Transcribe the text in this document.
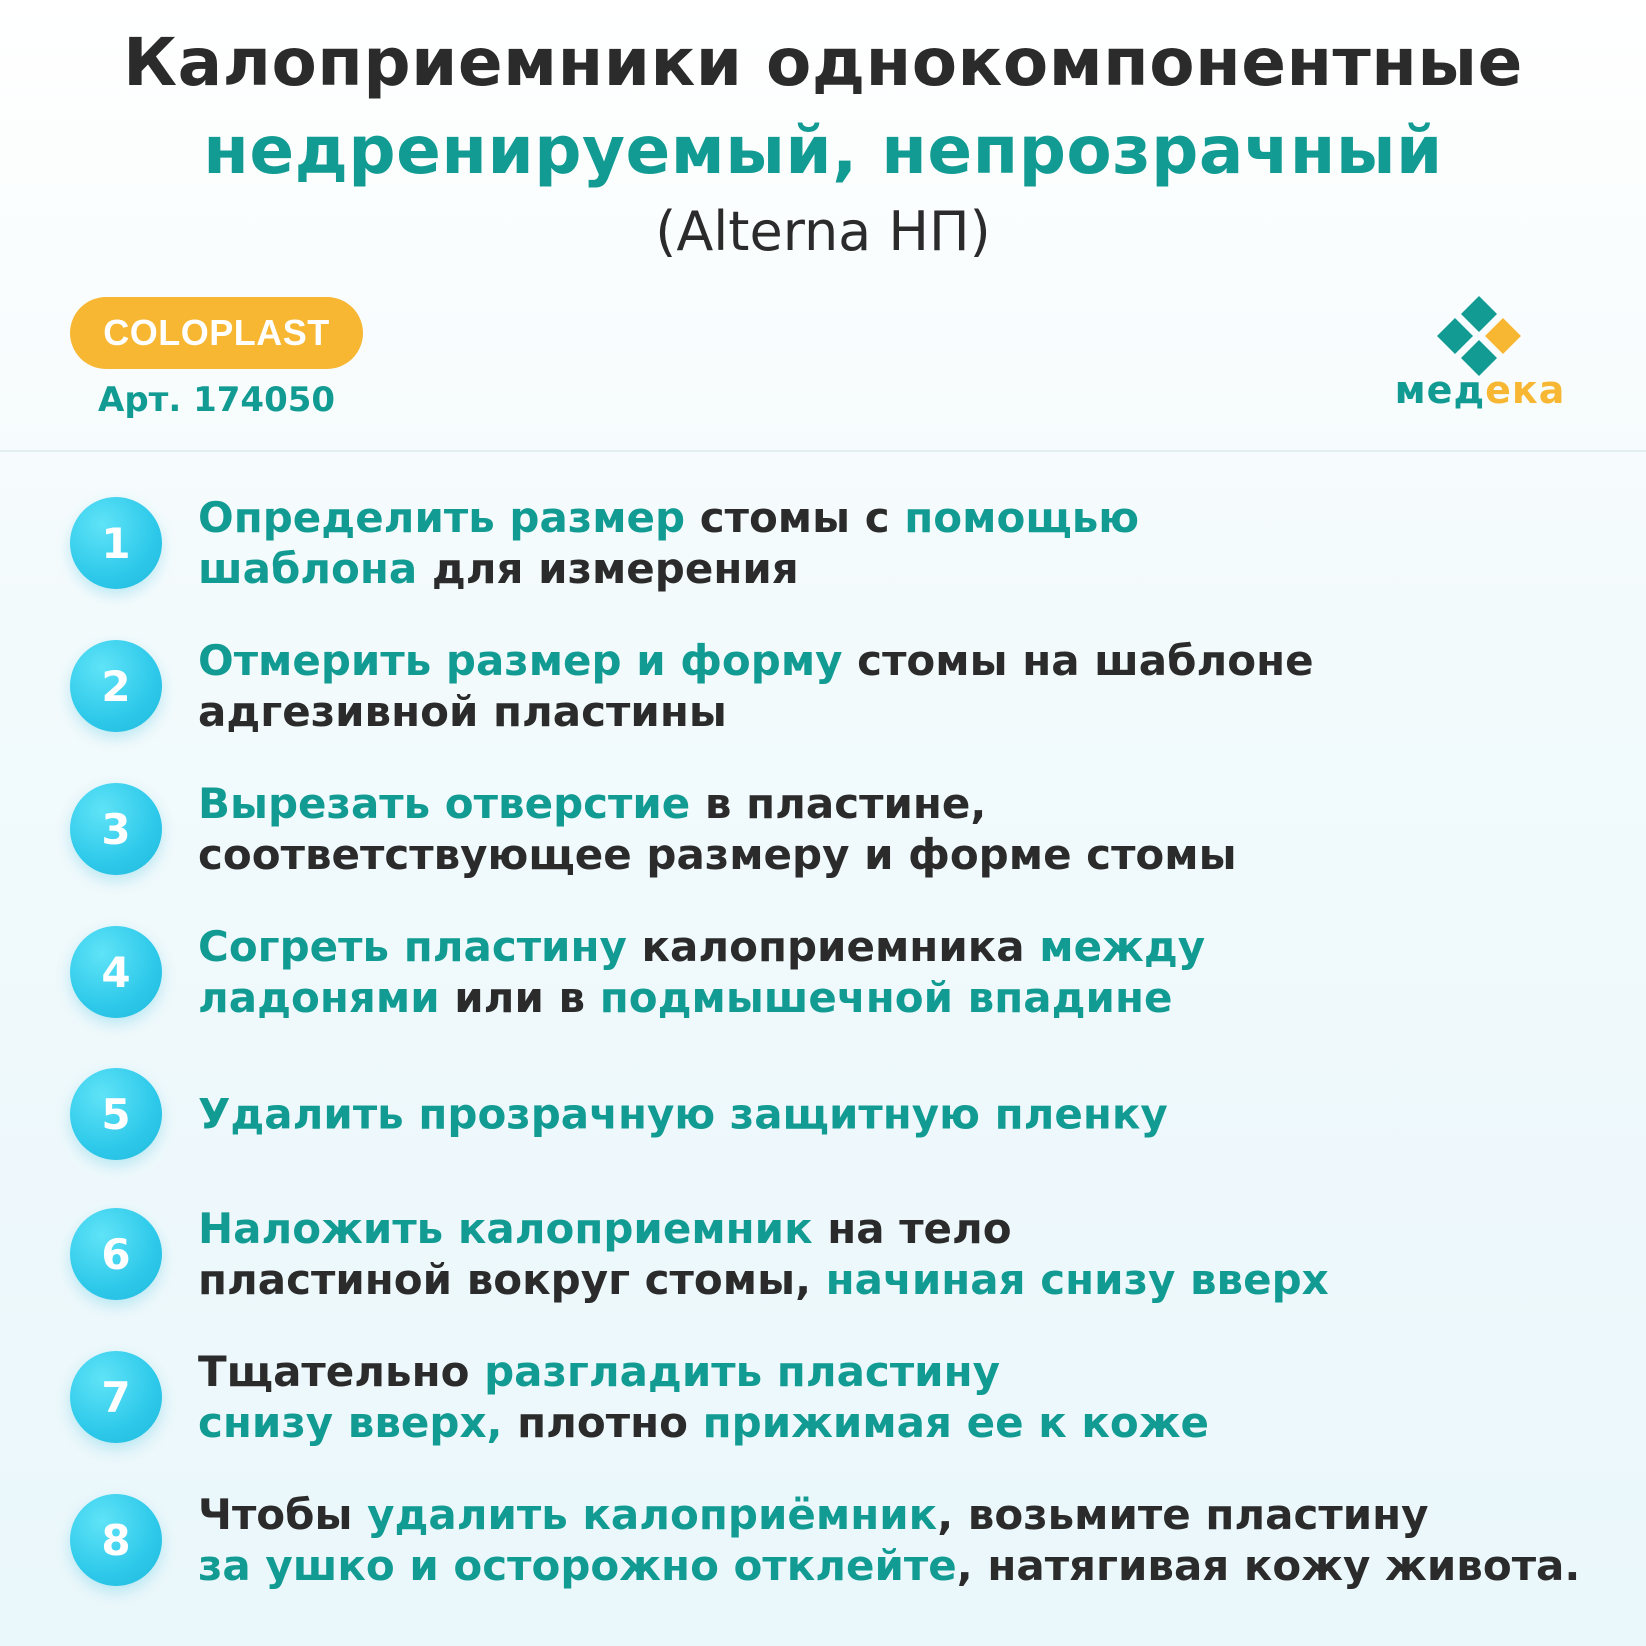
Калоприемники однокомпонентные
недренируемый, непрозрачный
(Alterna НП)
COLOPLAST
Арт. 174050	медека
1
Определить размер стомы с помощью
шаблона для измерения
2
Отмерить размер и форму стомы на шаблоне
адгезивной пластины
3
Вырезать отверстие в пластине,
соответствующее размеру и форме стомы
4
Согреть пластину калоприемника между
ладонями или в подмышечной впадине
5	Удалить прозрачную защитную пленку
6
Наложить калоприемник на тело
пластиной вокруг стомы, начиная снизу вверх
7
Тщательно разгладить пластину
снизу вверх, плотно прижимая ее к коже
8
Чтобы удалить калоприёмник, возьмите пластину
за ушко и осторожно отклейте, натягивая кожу живота.
